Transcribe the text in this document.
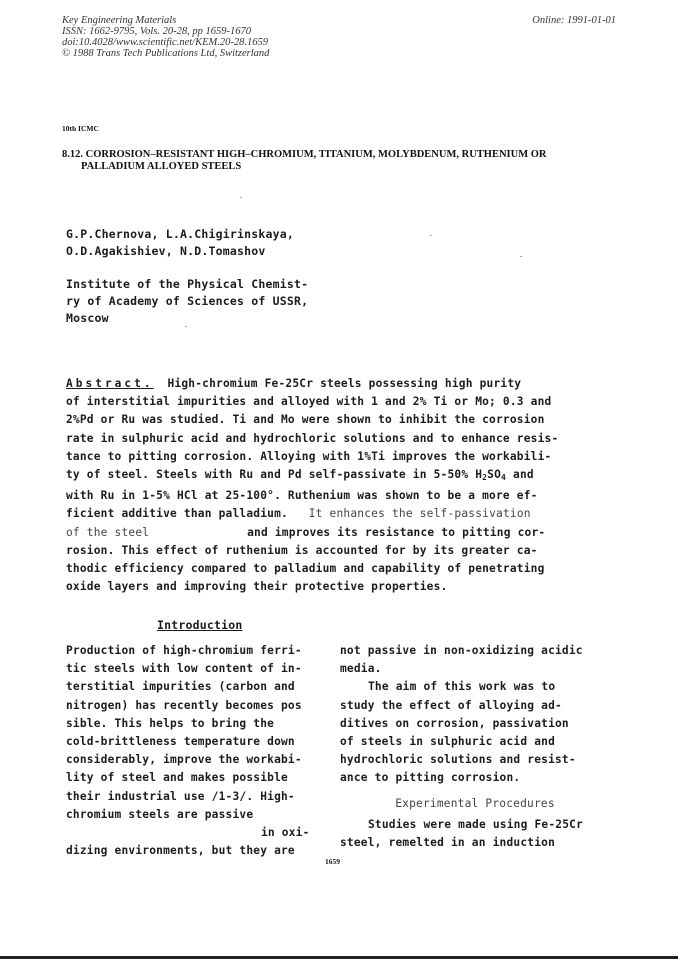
Key Engineering Materials
ISSN: 1662-9795, Vols. 20-28, pp 1659-1670
doi:10.4028/www.scientific.net/KEM.20-28.1659
© 1988 Trans Tech Publications Ltd, Switzerland
Online: 1991-01-01
10th ICMC
8.12. CORROSION–RESISTANT HIGH–CHROMIUM, TITANIUM, MOLYBDENUM, RUTHENIUM OR
PALLADIUM ALLOYED STEELS
G.P.Chernova, L.A.Chigirinskaya,
O.D.Agakishiev, N.D.Tomashov
Institute of the Physical Chemist-
ry of Academy of Sciences of USSR,
Moscow
Abstract. High-chromium Fe-25Cr steels possessing high purity
of interstitial impurities and alloyed with 1 and 2% Ti or Mo; 0.3 and
2%Pd or Ru was studied. Ti and Mo were shown to inhibit the corrosion
rate in sulphuric acid and hydrochloric solutions and to enhance resis-
tance to pitting corrosion. Alloying with 1%Ti improves the workabili-
ty of steel. Steels with Ru and Pd self-passivate in 5-50% $H_2SO_4$ and
with Ru in 1-5% HCl at 25-100°. Ruthenium was shown to be a more ef-
ficient additive than palladium. It enhances the self-passivation
of the steel	and improves its resistance to pitting cor-
rosion. This effect of ruthenium is accounted for by its greater ca-
thodic efficiency compared to palladium and capability of penetrating
oxide layers and improving their protective properties.
Introduction
Production of high-chromium ferri-
tic steels with low content of in-
terstitial impurities (carbon and
nitrogen) has recently becomes pos
sible. This helps to bring the
cold-brittleness temperature down
considerably, improve the workabi-
lity of steel and makes possible
their industrial use /1-3/. High-
chromium steels are passive
in oxi-
dizing environments, but they are
not passive in non-oxidizing acidic
media.
The aim of this work was to
study the effect of alloying ad-
ditives on corrosion, passivation
of steels in sulphuric acid and
hydrochloric solutions and resist-
ance to pitting corrosion.
Experimental Procedures
Studies were made using Fe-25Cr
steel, remelted in an induction
1659
